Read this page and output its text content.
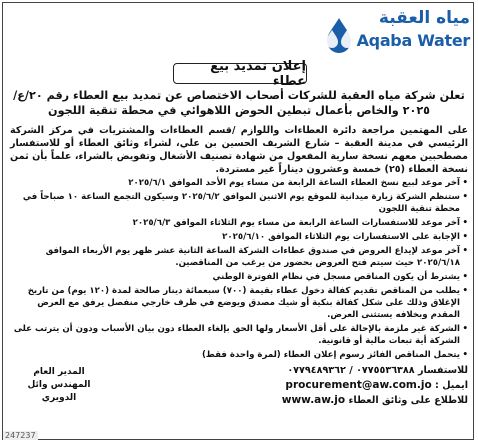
مياه العقبة
Aqaba Water
إعلان تمديد بيع عطاء
تعلن شركة مياه العقبة للشركات أصحاب الاختصاص عن تمديد بيع العطاء رقم ٢٠/ع/٢٠٢٥ والخاص بأعمال تبطين الحوض اللاهوائي في محطة تنقية اللجون
على المهتمين مراجعة دائرة العطاءات واللوازم /قسم العطاءات والمشتريات في مركز الشركة الرئيسي في مدينة العقبة – شارع الشريف الحسين بن علي، لشراء وثائق العطاء أو للاستفسار مصطحبين معهم نسخة سارية المفعول من شهادة تصنيف الأشغال وتفويض بالشراء، علماً بأن ثمن نسخة العطاء (٢٥) خمسة وعشرون ديناراً غير مستردة.
• آخر موعد لبيع نسخ العطاء الساعة الرابعة من مساء يوم الأحد الموافق ٢٠٢٥/٦/١
• ستنظم الشركة زيارة ميدانية للموقع يوم الاثنين الموافق ٢٠٢٥/٦/٢ وسيكون التجمع الساعة ١٠ صباحاً في محطة تنقية اللجون
• آخر موعد للاستفسارات الساعة الرابعة من مساء يوم الثلاثاء الموافق ٢٠٢٥/٦/٣
• الإجابة على الاستفسارات يوم الثلاثاء الموافق ٢٠٢٥/٦/١٠
• آخر موعد لإيداع العروض في صندوق عطاءات الشركة الساعة الثانية عشر ظهر يوم الأربعاء الموافق ٢٠٢٥/٦/١٨ حيث سيتم فتح العروض بحضور من يرغب من المناقصين.
• يشترط أن يكون المناقص مسجل في نظام الفوترة الوطني
• يطلب من المناقص تقديم كفالة دخول عطاء بقيمة (٧٠٠) سبعمائة دينار صالحة لمدة (١٢٠ يوم) من تاريخ الإغلاق وذلك على شكل كفالة بنكية أو شيك مصدق ويوضع في ظرف خارجي منفصل يرفق مع العرض المقدم وبخلافه يستثنى العرض.
• الشركة غير ملزمة بالإحالة على أقل الأسعار ولها الحق بإلغاء العطاء دون بيان الأسباب ودون أن يترتب على الشركة أية تبعات مالية أو قانونية.
• يتحمل المناقص الفائز رسوم إعلان العطاء (لمرة واحدة فقط)
للاستفسار ٠٧٧٥٥٣٦٣٨٨ / ٠٧٧٩٤٨٩٣٦٢
ايميل : procurement@aw.com.jo
للاطلاع على وثائق العطاء www.aw.jo
المدير العام
المهندس وائل الدويري
247237
